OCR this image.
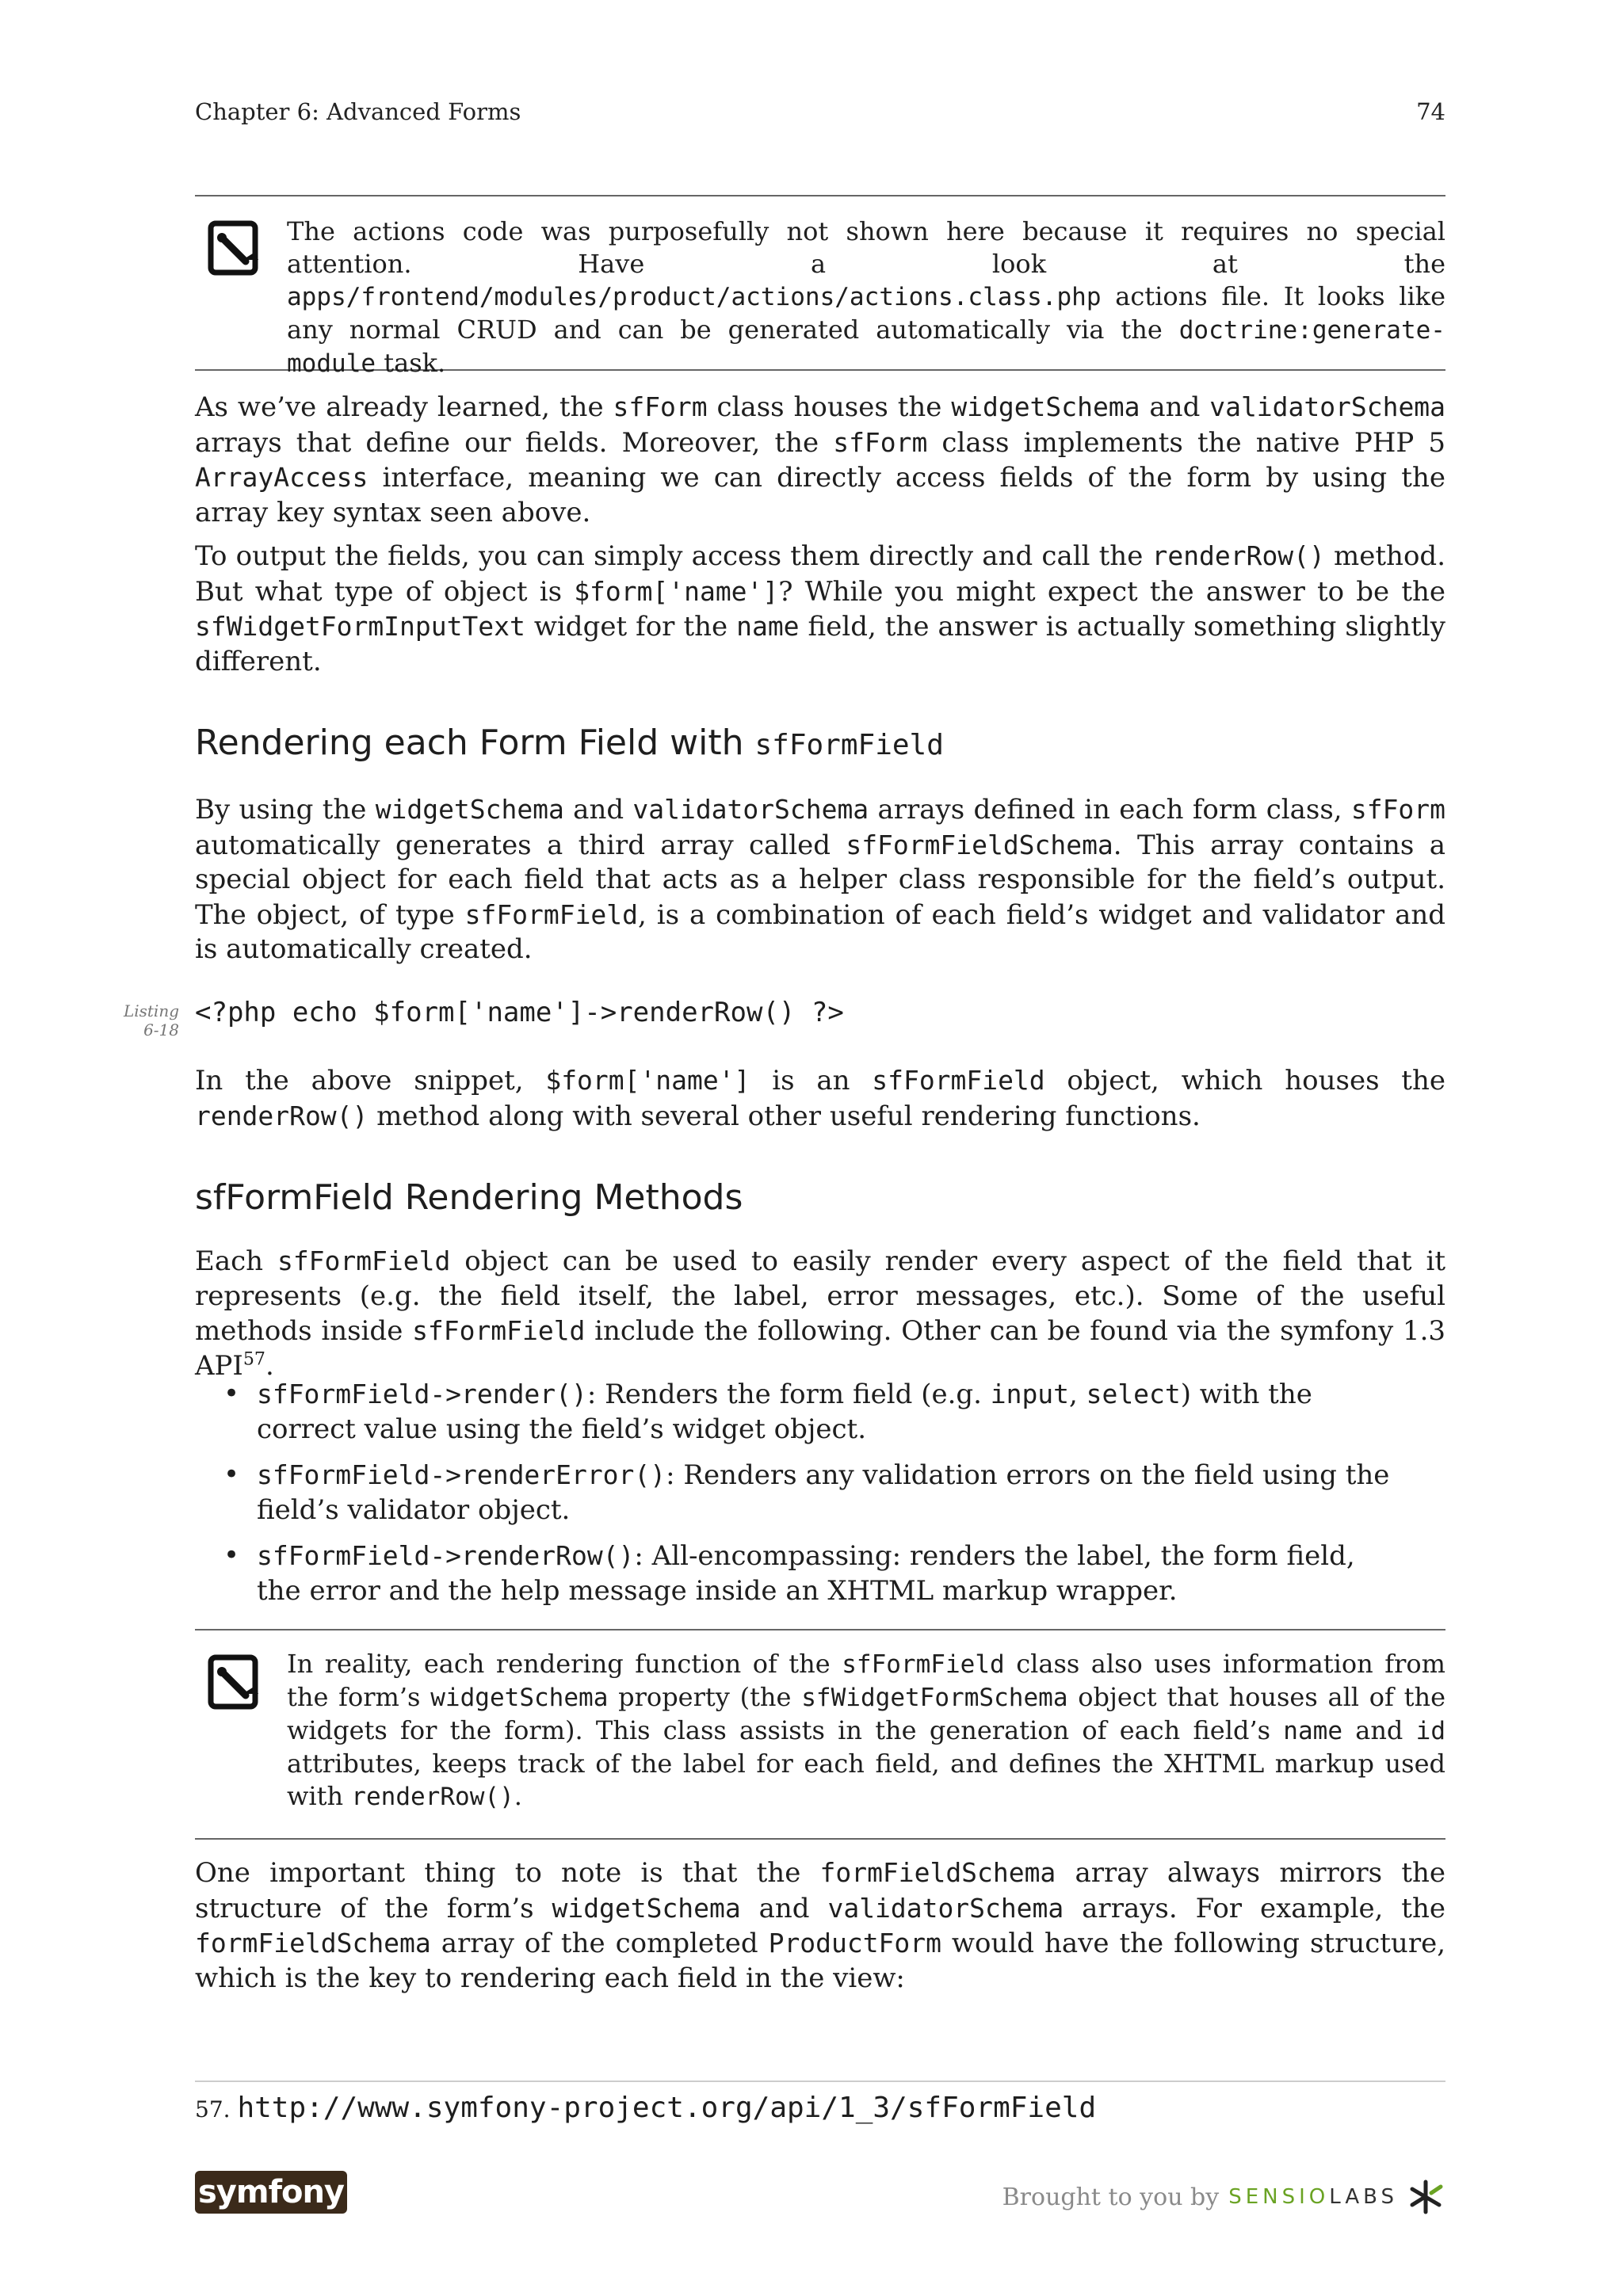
Chapter 6: Advanced Forms	74

The actions code was purposefully not shown here because it requires no special attention. Have a look at the apps/frontend/modules/product/actions/actions.class.php actions file. It looks like any normal CRUD and can be generated automatically via the doctrine:generate-module task.

As we’ve already learned, the sfForm class houses the widgetSchema and validatorSchema arrays that define our fields. Moreover, the sfForm class implements the native PHP 5 ArrayAccess interface, meaning we can directly access fields of the form by using the array key syntax seen above.

To output the fields, you can simply access them directly and call the renderRow() method. But what type of object is $form['name']? While you might expect the answer to be the sfWidgetFormInputText widget for the name field, the answer is actually something slightly different.

Rendering each Form Field with sfFormField

By using the widgetSchema and validatorSchema arrays defined in each form class, sfForm automatically generates a third array called sfFormFieldSchema. This array contains a special object for each field that acts as a helper class responsible for the field’s output. The object, of type sfFormField, is a combination of each field’s widget and validator and is automatically created.

Listing
6-18
<?php echo $form['name']->renderRow() ?>

In the above snippet, $form['name'] is an sfFormField object, which houses the renderRow() method along with several other useful rendering functions.

sfFormField Rendering Methods

Each sfFormField object can be used to easily render every aspect of the field that it represents (e.g. the field itself, the label, error messages, etc.). Some of the useful methods inside sfFormField include the following. Other can be found via the symfony 1.3 API$^{57}$.

• sfFormField->render(): Renders the form field (e.g. input, select) with the correct value using the field’s widget object.
• sfFormField->renderError(): Renders any validation errors on the field using the field’s validator object.
• sfFormField->renderRow(): All-encompassing: renders the label, the form field, the error and the help message inside an XHTML markup wrapper.

In reality, each rendering function of the sfFormField class also uses information from the form’s widgetSchema property (the sfWidgetFormSchema object that houses all of the widgets for the form). This class assists in the generation of each field’s name and id attributes, keeps track of the label for each field, and defines the XHTML markup used with renderRow().

One important thing to note is that the formFieldSchema array always mirrors the structure of the form’s widgetSchema and validatorSchema arrays. For example, the formFieldSchema array of the completed ProductForm would have the following structure, which is the key to rendering each field in the view:

57. http://www.symfony-project.org/api/1_3/sfFormField
symfony	Brought to you by SENSIOLABS
